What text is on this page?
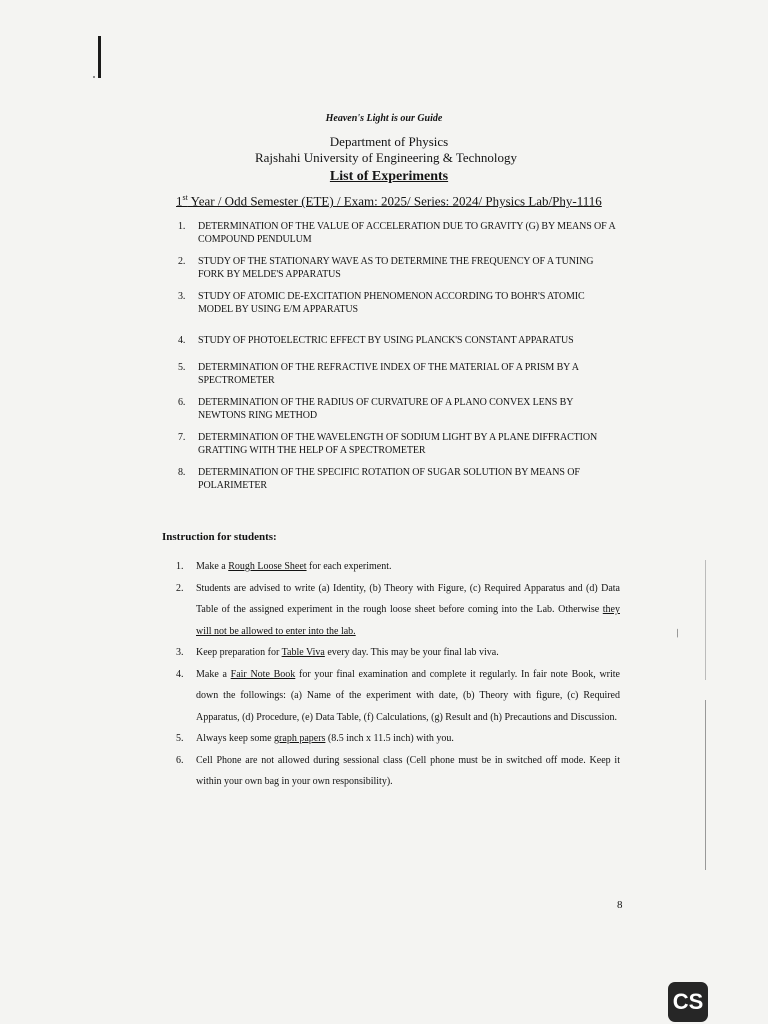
/
Heaven's Light is our Guide
Department of Physics
Rajshahi University of Engineering & Technology
List of Experiments
1st Year / Odd Semester (ETE) / Exam: 2025/ Series: 2024/ Physics Lab/Phy-1116
1. DETERMINATION OF THE VALUE OF ACCELERATION DUE TO GRAVITY (G) BY MEANS OF A COMPOUND PENDULUM
2. STUDY OF THE STATIONARY WAVE AS TO DETERMINE THE FREQUENCY OF A TUNING FORK BY MELDE'S APPARATUS
3. STUDY OF ATOMIC DE-EXCITATION PHENOMENON ACCORDING TO BOHR'S ATOMIC MODEL BY USING E/M APPARATUS
4. STUDY OF PHOTOELECTRIC EFFECT BY USING PLANCK'S CONSTANT APPARATUS
5. DETERMINATION OF THE REFRACTIVE INDEX OF THE MATERIAL OF A PRISM BY A SPECTROMETER
6. DETERMINATION OF THE RADIUS OF CURVATURE OF A PLANO CONVEX LENS BY NEWTONS RING METHOD
7. DETERMINATION OF THE WAVELENGTH OF SODIUM LIGHT BY A PLANE DIFFRACTION GRATTING WITH THE HELP OF A SPECTROMETER
8. DETERMINATION OF THE SPECIFIC ROTATION OF SUGAR SOLUTION BY MEANS OF POLARIMETER
Instruction for students:
1. Make a Rough Loose Sheet for each experiment.
2. Students are advised to write (a) Identity, (b) Theory with Figure, (c) Required Apparatus and (d) Data Table of the assigned experiment in the rough loose sheet before coming into the Lab. Otherwise they will not be allowed to enter into the lab.
3. Keep preparation for Table Viva every day. This may be your final lab viva.
4. Make a Fair Note Book for your final examination and complete it regularly. In fair note Book, write down the followings: (a) Name of the experiment with date, (b) Theory with figure, (c) Required Apparatus, (d) Procedure, (e) Data Table, (f) Calculations, (g) Result and (h) Precautions and Discussion.
5. Always keep some graph papers (8.5 inch x 11.5 inch) with you.
6. Cell Phone are not allowed during sessional class (Cell phone must be in switched off mode. Keep it within your own bag in your own responsibility).
8
CS
